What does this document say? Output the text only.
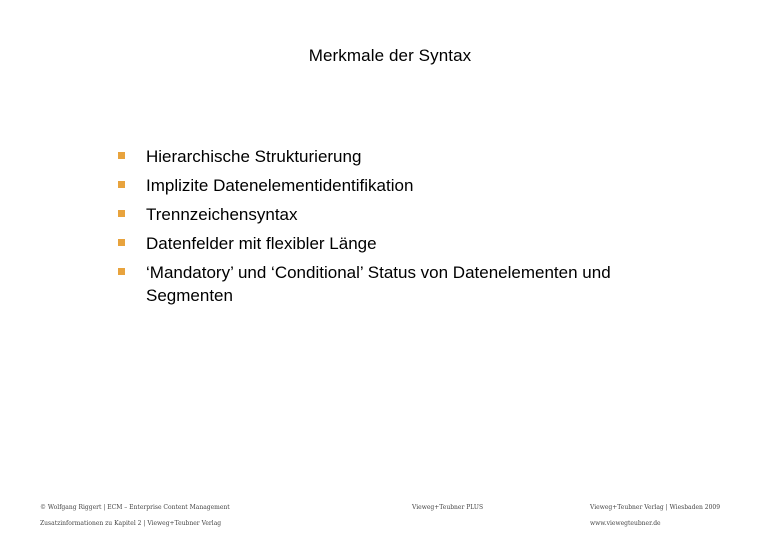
Merkmale der Syntax
Hierarchische Strukturierung
Implizite Datenelementidentifikation
Trennzeichensyntax
Datenfelder mit flexibler Länge
‘Mandatory’ und ‘Conditional’ Status von Datenelementen und Segmenten
© Wolfgang Riggert | ECM – Enterprise Content Management
Zusatzinformationen zu Kapitel 2 | Vieweg+Teubner Verlag
Vieweg+Teubner PLUS	Vieweg+Teubner Verlag | Wiesbaden 2009
www.viewegteubner.de
